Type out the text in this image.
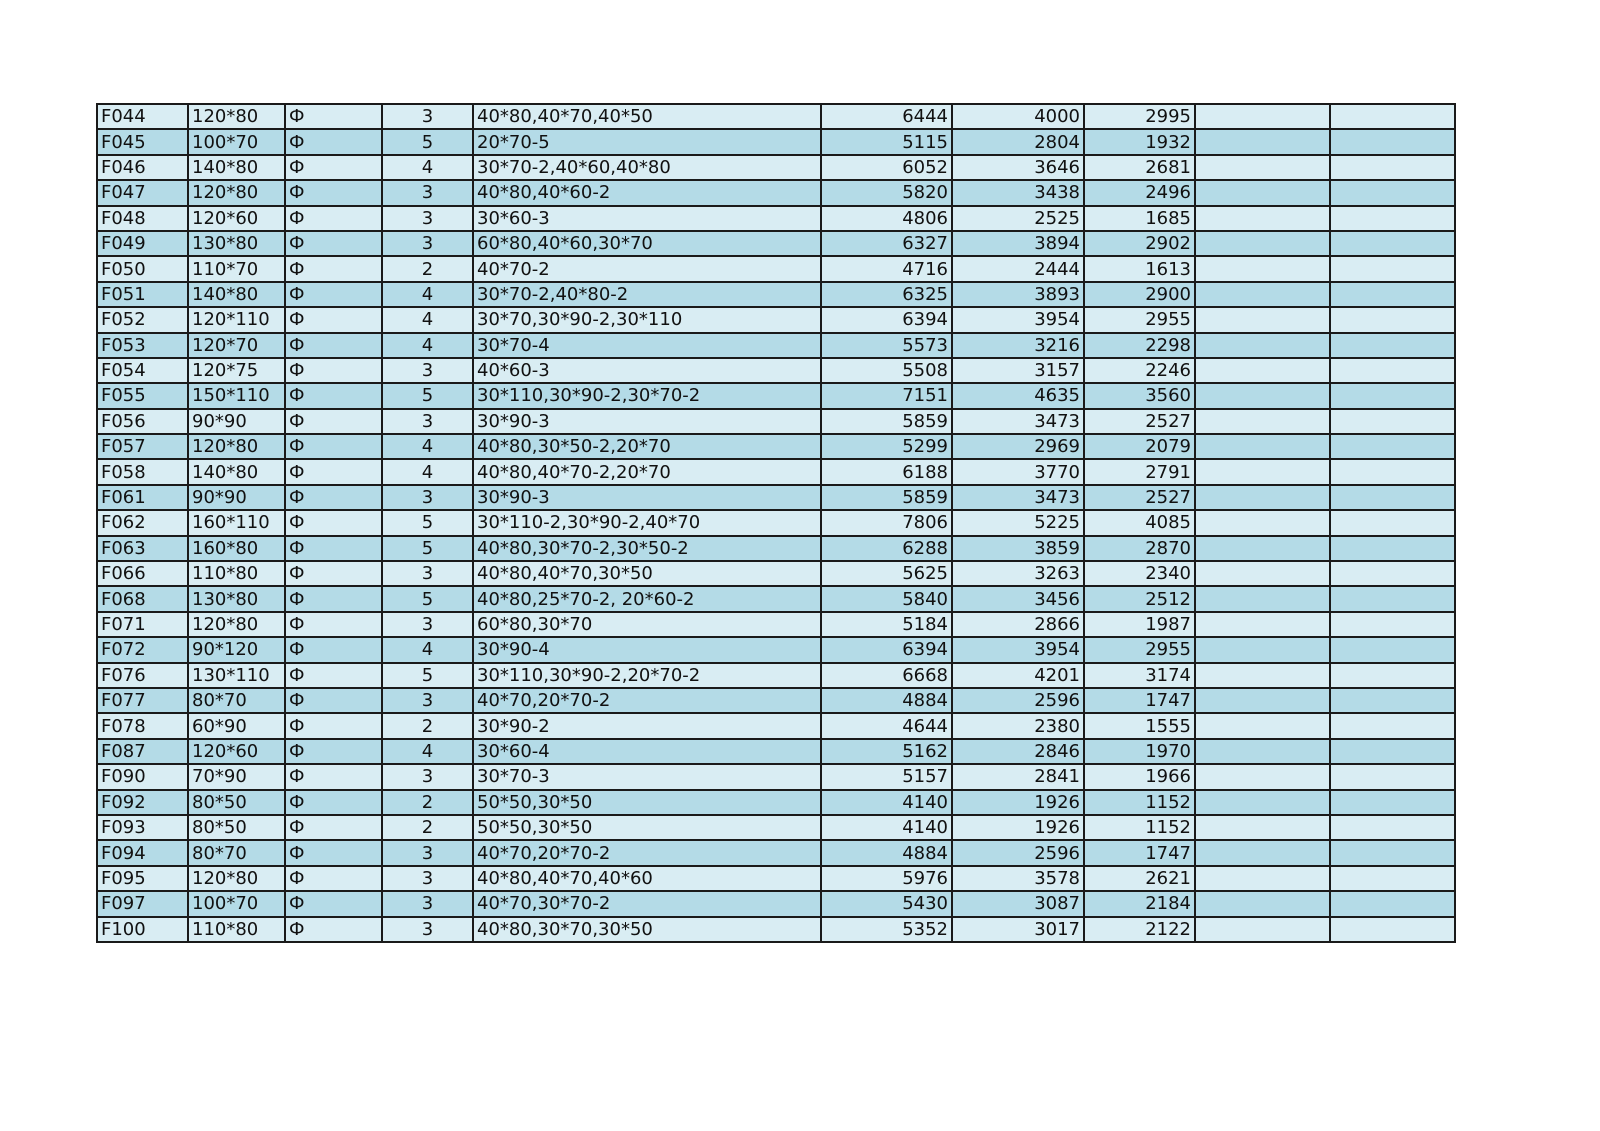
F044	120*80	Ф	3	40*80,40*70,40*50	6444	4000	2995		
F045	100*70	Ф	5	20*70-5	5115	2804	1932		
F046	140*80	Ф	4	30*70-2,40*60,40*80	6052	3646	2681		
F047	120*80	Ф	3	40*80,40*60-2	5820	3438	2496		
F048	120*60	Ф	3	30*60-3	4806	2525	1685		
F049	130*80	Ф	3	60*80,40*60,30*70	6327	3894	2902		
F050	110*70	Ф	2	40*70-2	4716	2444	1613		
F051	140*80	Ф	4	30*70-2,40*80-2	6325	3893	2900		
F052	120*110	Ф	4	30*70,30*90-2,30*110	6394	3954	2955		
F053	120*70	Ф	4	30*70-4	5573	3216	2298		
F054	120*75	Ф	3	40*60-3	5508	3157	2246		
F055	150*110	Ф	5	30*110,30*90-2,30*70-2	7151	4635	3560		
F056	90*90	Ф	3	30*90-3	5859	3473	2527		
F057	120*80	Ф	4	40*80,30*50-2,20*70	5299	2969	2079		
F058	140*80	Ф	4	40*80,40*70-2,20*70	6188	3770	2791		
F061	90*90	Ф	3	30*90-3	5859	3473	2527		
F062	160*110	Ф	5	30*110-2,30*90-2,40*70	7806	5225	4085		
F063	160*80	Ф	5	40*80,30*70-2,30*50-2	6288	3859	2870		
F066	110*80	Ф	3	40*80,40*70,30*50	5625	3263	2340		
F068	130*80	Ф	5	40*80,25*70-2, 20*60-2	5840	3456	2512		
F071	120*80	Ф	3	60*80,30*70	5184	2866	1987		
F072	90*120	Ф	4	30*90-4	6394	3954	2955		
F076	130*110	Ф	5	30*110,30*90-2,20*70-2	6668	4201	3174		
F077	80*70	Ф	3	40*70,20*70-2	4884	2596	1747		
F078	60*90	Ф	2	30*90-2	4644	2380	1555		
F087	120*60	Ф	4	30*60-4	5162	2846	1970		
F090	70*90	Ф	3	30*70-3	5157	2841	1966		
F092	80*50	Ф	2	50*50,30*50	4140	1926	1152		
F093	80*50	Ф	2	50*50,30*50	4140	1926	1152		
F094	80*70	Ф	3	40*70,20*70-2	4884	2596	1747		
F095	120*80	Ф	3	40*80,40*70,40*60	5976	3578	2621		
F097	100*70	Ф	3	40*70,30*70-2	5430	3087	2184		
F100	110*80	Ф	3	40*80,30*70,30*50	5352	3017	2122		
